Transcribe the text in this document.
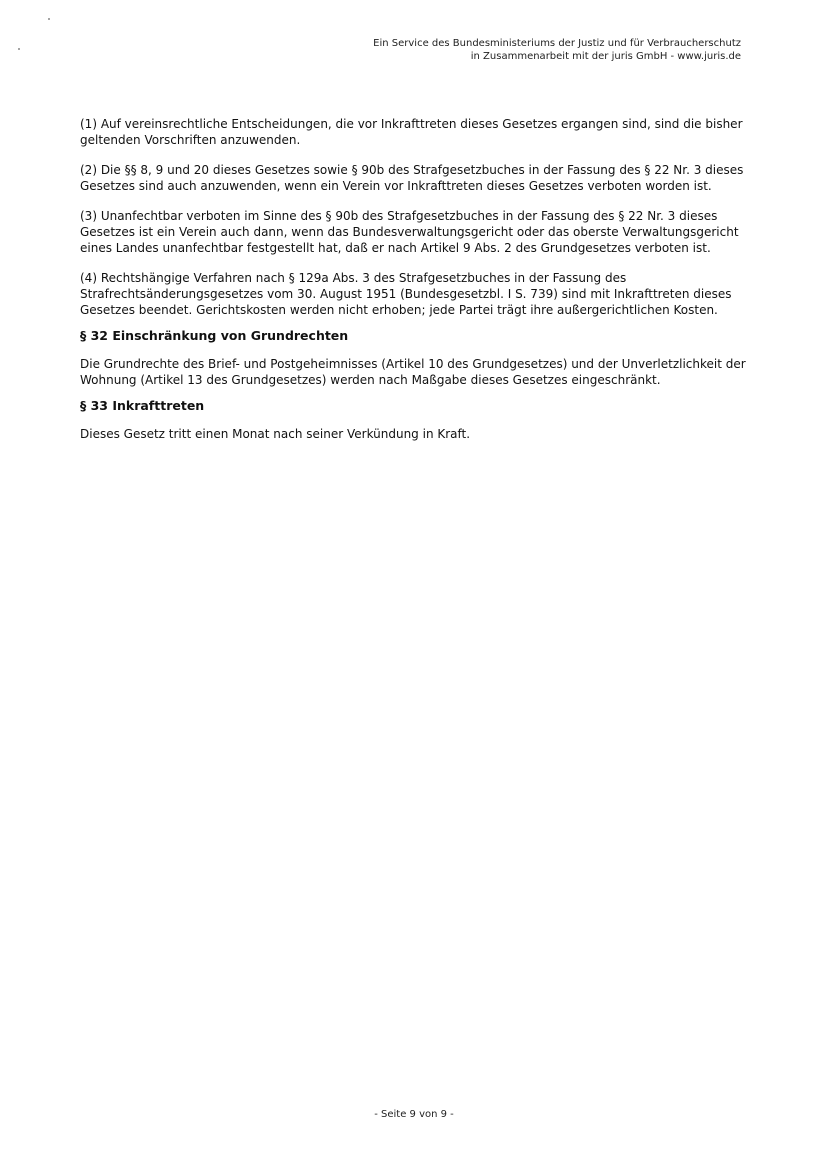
Ein Service des Bundesministeriums der Justiz und für Verbraucherschutz
in Zusammenarbeit mit der juris GmbH - www.juris.de

(1) Auf vereinsrechtliche Entscheidungen, die vor Inkrafttreten dieses Gesetzes ergangen sind, sind die bisher geltenden Vorschriften anzuwenden.

(2) Die §§ 8, 9 und 20 dieses Gesetzes sowie § 90b des Strafgesetzbuches in der Fassung des § 22 Nr. 3 dieses Gesetzes sind auch anzuwenden, wenn ein Verein vor Inkrafttreten dieses Gesetzes verboten worden ist.

(3) Unanfechtbar verboten im Sinne des § 90b des Strafgesetzbuches in der Fassung des § 22 Nr. 3 dieses Gesetzes ist ein Verein auch dann, wenn das Bundesverwaltungsgericht oder das oberste Verwaltungsgericht eines Landes unanfechtbar festgestellt hat, daß er nach Artikel 9 Abs. 2 des Grundgesetzes verboten ist.

(4) Rechtshängige Verfahren nach § 129a Abs. 3 des Strafgesetzbuches in der Fassung des Strafrechtsänderungsgesetzes vom 30. August 1951 (Bundesgesetzbl. I S. 739) sind mit Inkrafttreten dieses Gesetzes beendet. Gerichtskosten werden nicht erhoben; jede Partei trägt ihre außergerichtlichen Kosten.

§ 32 Einschränkung von Grundrechten

Die Grundrechte des Brief- und Postgeheimnisses (Artikel 10 des Grundgesetzes) und der Unverletzlichkeit der Wohnung (Artikel 13 des Grundgesetzes) werden nach Maßgabe dieses Gesetzes eingeschränkt.

§ 33 Inkrafttreten

Dieses Gesetz tritt einen Monat nach seiner Verkündung in Kraft.

- Seite 9 von 9 -
